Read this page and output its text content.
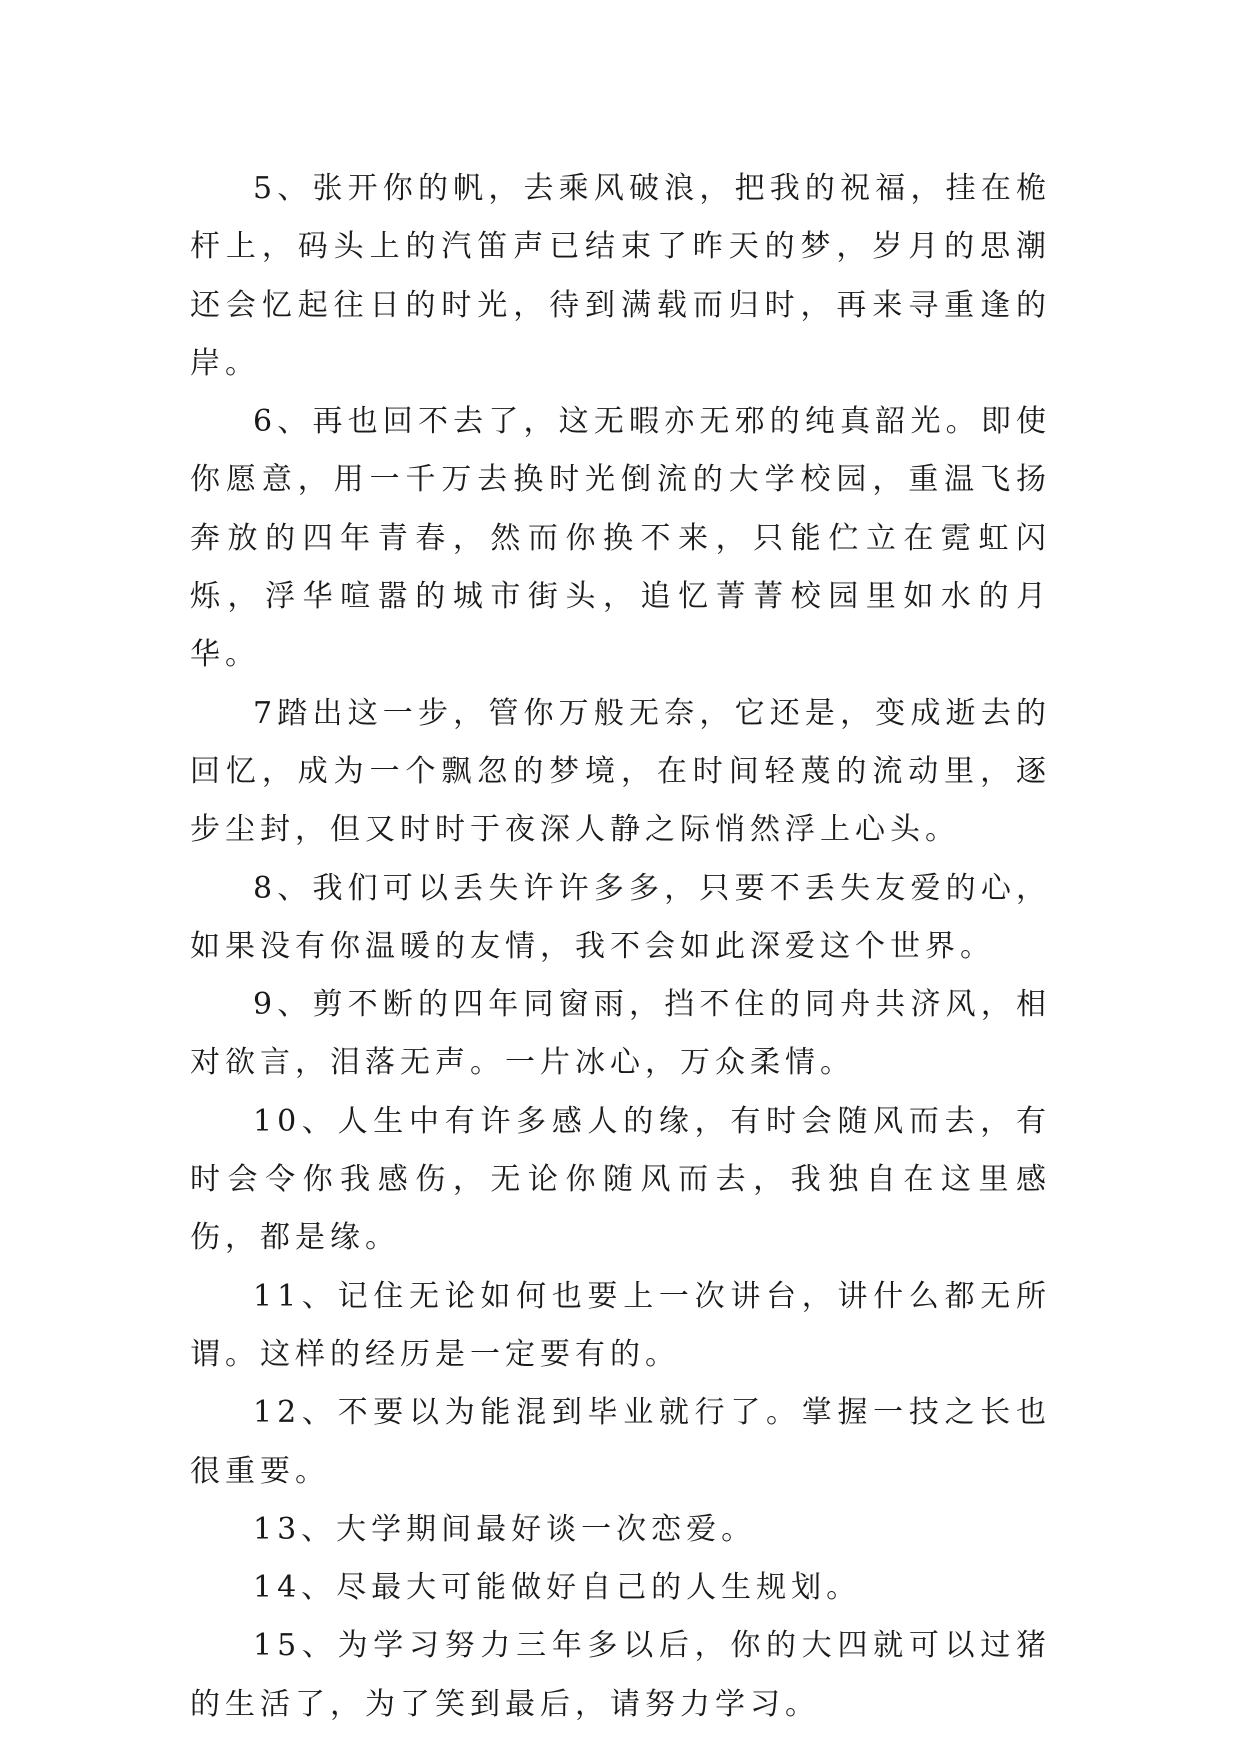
5、张开你的帆，去乘风破浪，把我的祝福，挂在桅杆上，码头上的汽笛声已结束了昨天的梦，岁月的思潮还会忆起往日的时光，待到满载而归时，再来寻重逢的岸。

6、再也回不去了，这无暇亦无邪的纯真韶光。即使你愿意，用一千万去换时光倒流的大学校园，重温飞扬奔放的四年青春，然而你换不来，只能伫立在霓虹闪烁，浮华喧嚣的城市街头，追忆菁菁校园里如水的月华。

7踏出这一步，管你万般无奈，它还是，变成逝去的回忆，成为一个飘忽的梦境，在时间轻蔑的流动里，逐步尘封，但又时时于夜深人静之际悄然浮上心头。

8、我们可以丢失许许多多，只要不丢失友爱的心，如果没有你温暖的友情，我不会如此深爱这个世界。

9、剪不断的四年同窗雨，挡不住的同舟共济风，相对欲言，泪落无声。一片冰心，万众柔情。

10、人生中有许多感人的缘，有时会随风而去，有时会令你我感伤，无论你随风而去，我独自在这里感伤，都是缘。

11、记住无论如何也要上一次讲台，讲什么都无所谓。这样的经历是一定要有的。

12、不要以为能混到毕业就行了。掌握一技之长也很重要。

13、大学期间最好谈一次恋爱。

14、尽最大可能做好自己的人生规划。

15、为学习努力三年多以后，你的大四就可以过猪的生活了，为了笑到最后，请努力学习。
